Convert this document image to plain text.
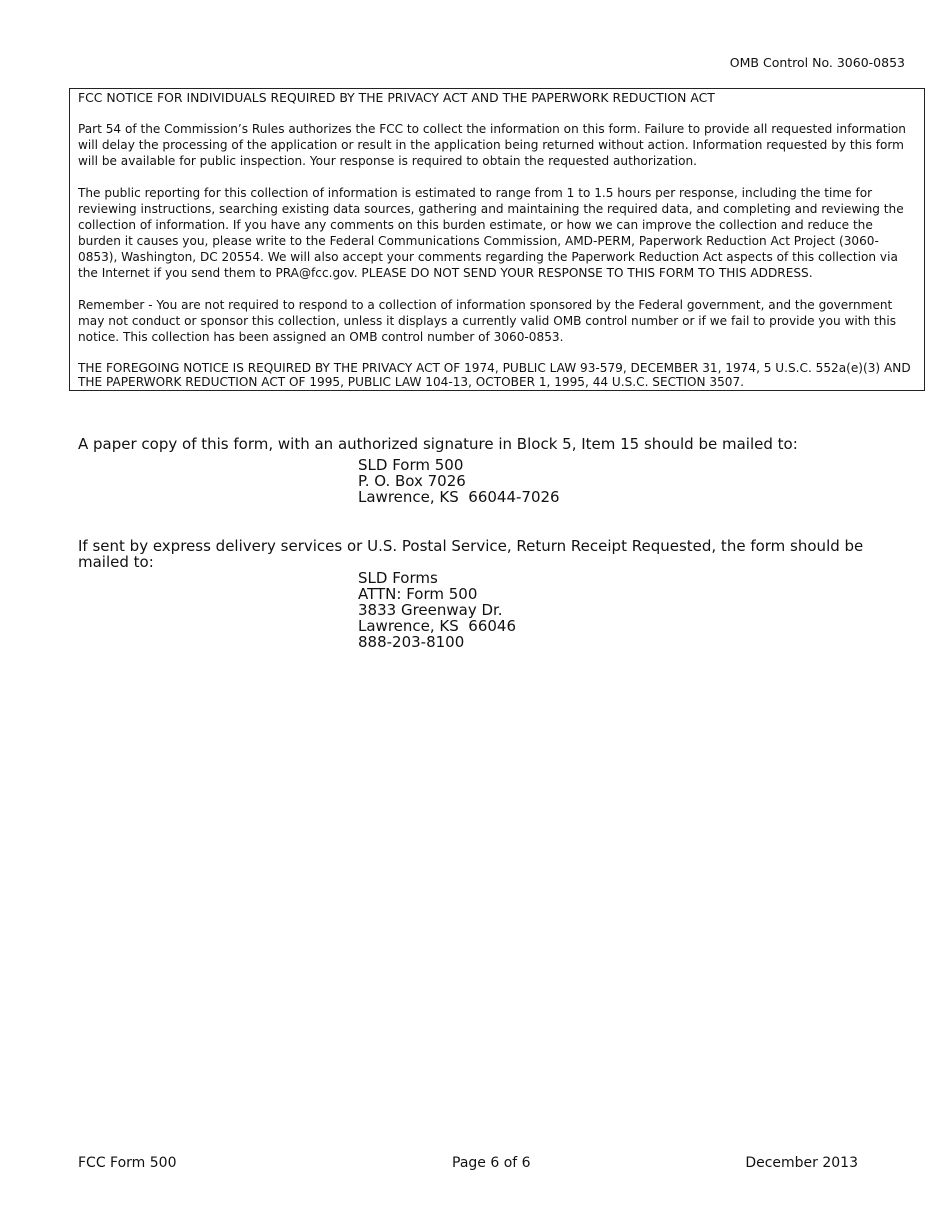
OMB Control No. 3060-0853
FCC NOTICE FOR INDIVIDUALS REQUIRED BY THE PRIVACY ACT AND THE PAPERWORK REDUCTION ACT

Part 54 of the Commission’s Rules authorizes the FCC to collect the information on this form. Failure to provide all requested information will delay the processing of the application or result in the application being returned without action. Information requested by this form will be available for public inspection. Your response is required to obtain the requested authorization.

The public reporting for this collection of information is estimated to range from 1 to 1.5 hours per response, including the time for reviewing instructions, searching existing data sources, gathering and maintaining the required data, and completing and reviewing the collection of information. If you have any comments on this burden estimate, or how we can improve the collection and reduce the burden it causes you, please write to the Federal Communications Commission, AMD-PERM, Paperwork Reduction Act Project (3060-0853), Washington, DC 20554. We will also accept your comments regarding the Paperwork Reduction Act aspects of this collection via the Internet if you send them to PRA@fcc.gov. PLEASE DO NOT SEND YOUR RESPONSE TO THIS FORM TO THIS ADDRESS.

Remember - You are not required to respond to a collection of information sponsored by the Federal government, and the government may not conduct or sponsor this collection, unless it displays a currently valid OMB control number or if we fail to provide you with this notice. This collection has been assigned an OMB control number of 3060-0853.

THE FOREGOING NOTICE IS REQUIRED BY THE PRIVACY ACT OF 1974, PUBLIC LAW 93-579, DECEMBER 31, 1974, 5 U.S.C. 552a(e)(3) AND THE PAPERWORK REDUCTION ACT OF 1995, PUBLIC LAW 104-13, OCTOBER 1, 1995, 44 U.S.C. SECTION 3507.

A paper copy of this form, with an authorized signature in Block 5, Item 15 should be mailed to:
SLD Form 500
P. O. Box 7026
Lawrence, KS  66044-7026
If sent by express delivery services or U.S. Postal Service, Return Receipt Requested, the form should be mailed to:
SLD Forms
ATTN: Form 500
3833 Greenway Dr.
Lawrence, KS  66046
888-203-8100
FCC Form 500	Page 6 of 6	December 2013
